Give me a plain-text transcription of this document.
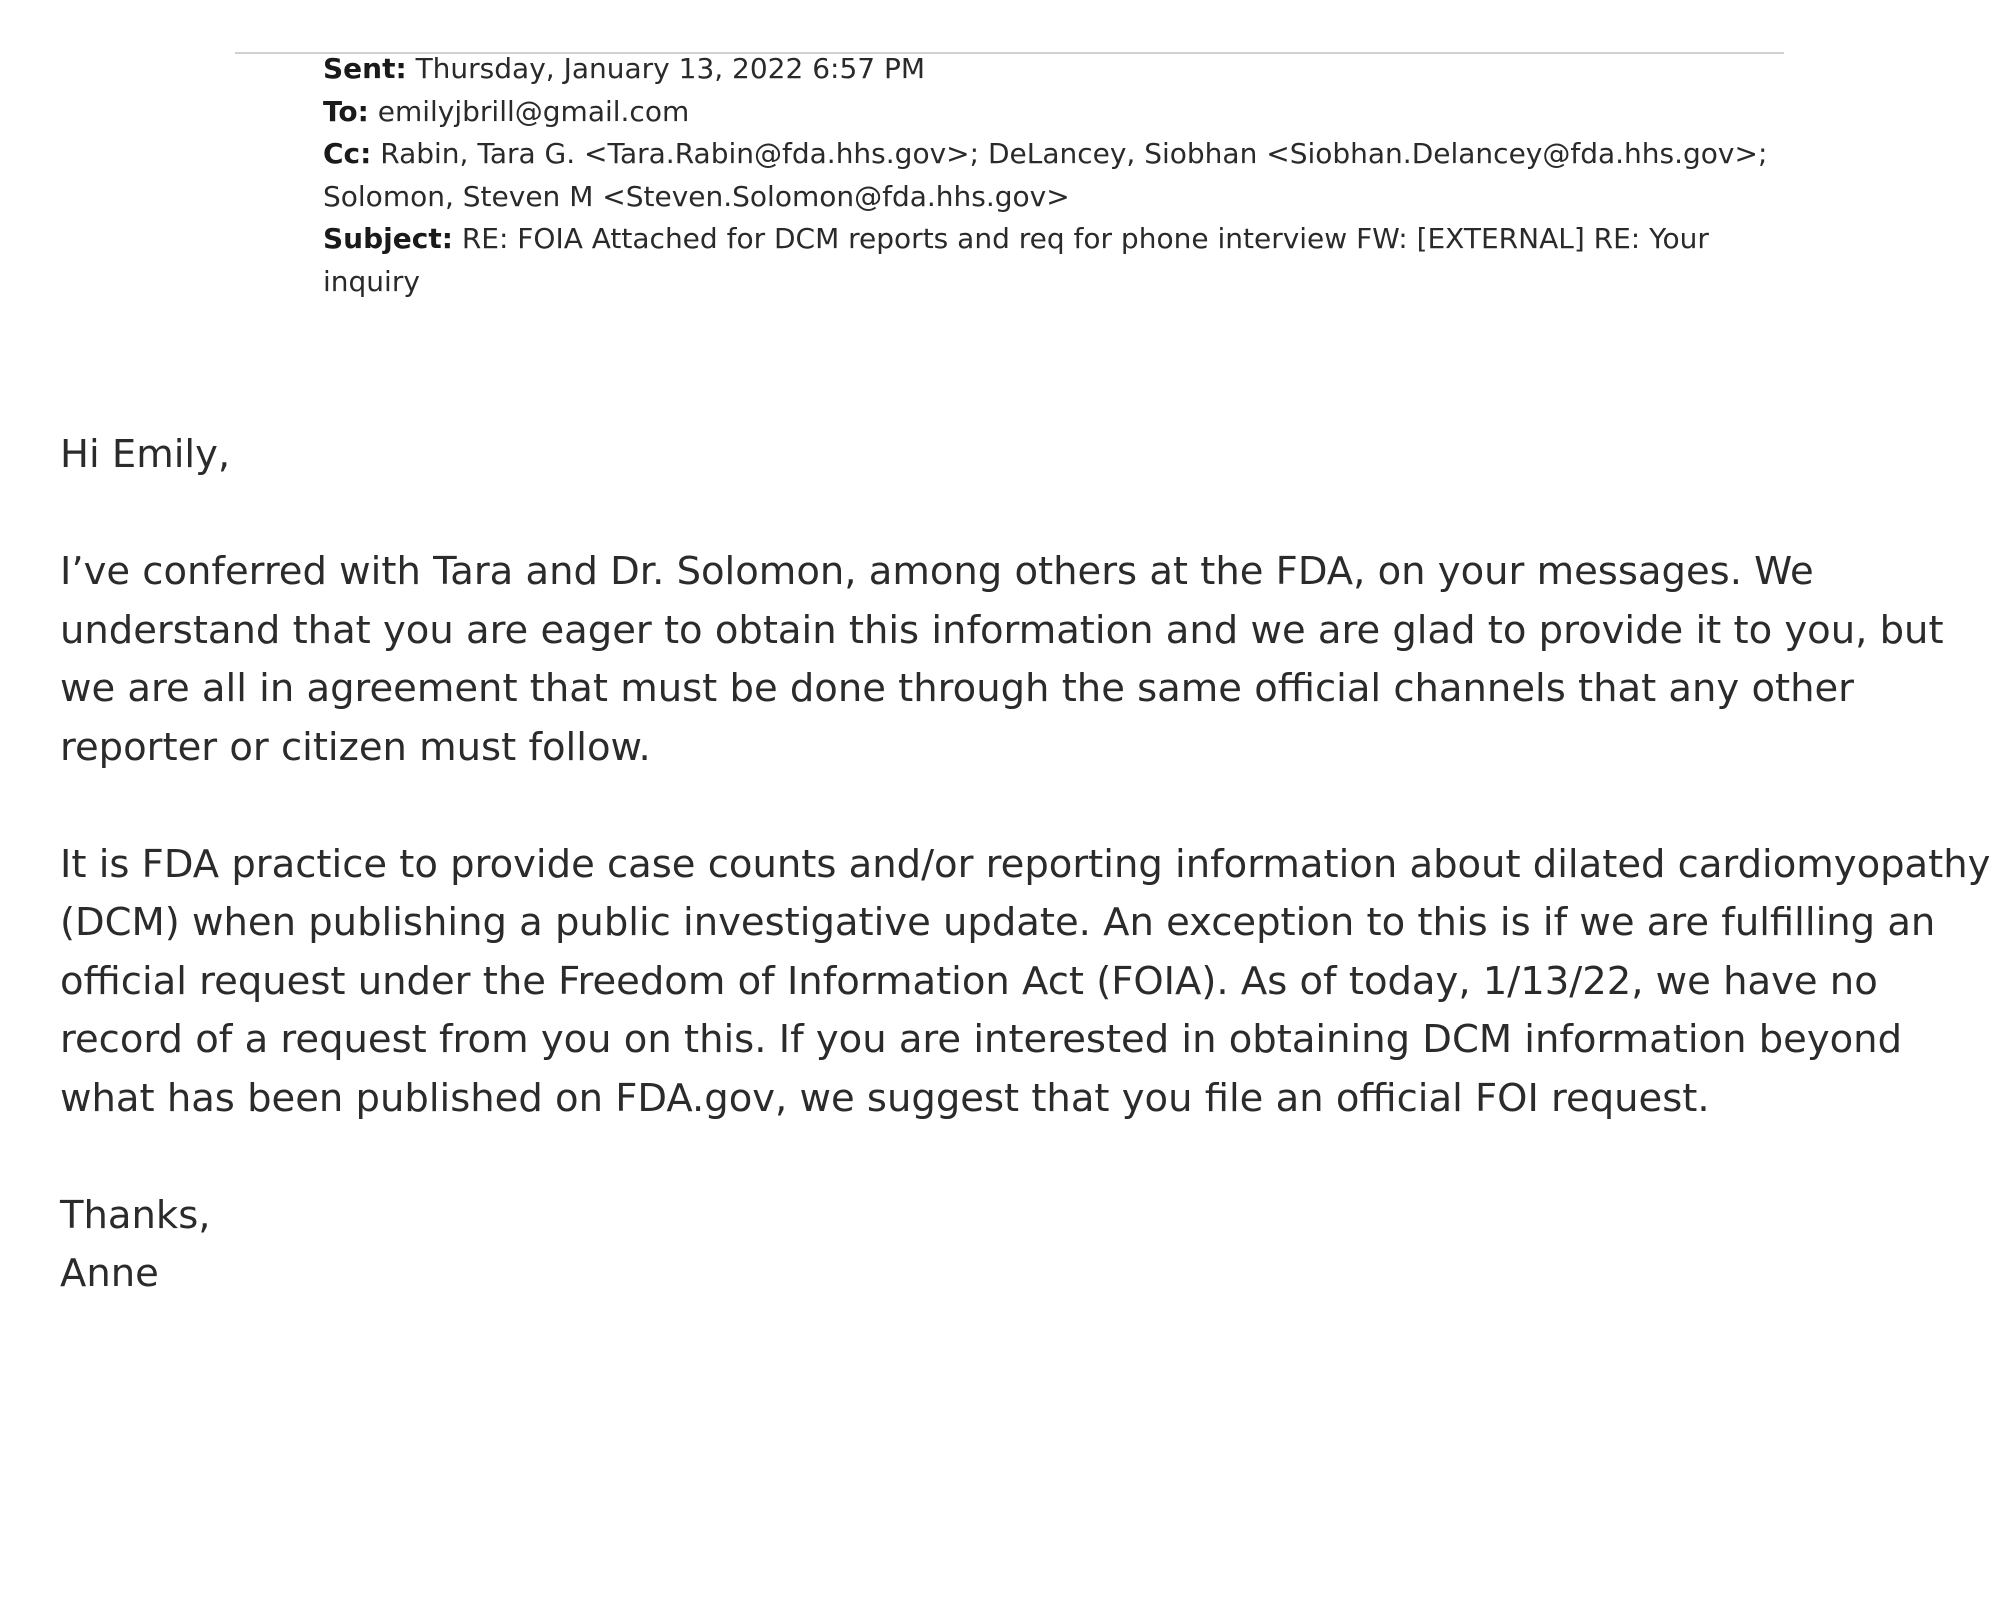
Sent: Thursday, January 13, 2022 6:57 PM
To: emilyjbrill@gmail.com
Cc: Rabin, Tara G. <Tara.Rabin@fda.hhs.gov>; DeLancey, Siobhan <Siobhan.Delancey@fda.hhs.gov>;
Solomon, Steven M <Steven.Solomon@fda.hhs.gov>
Subject: RE: FOIA Attached for DCM reports and req for phone interview FW: [EXTERNAL] RE: Your
inquiry

Hi Emily,

I’ve conferred with Tara and Dr. Solomon, among others at the FDA, on your messages. We
understand that you are eager to obtain this information and we are glad to provide it to you, but
we are all in agreement that must be done through the same official channels that any other
reporter or citizen must follow.

It is FDA practice to provide case counts and/or reporting information about dilated cardiomyopathy
(DCM) when publishing a public investigative update. An exception to this is if we are fulfilling an
official request under the Freedom of Information Act (FOIA). As of today, 1/13/22, we have no
record of a request from you on this. If you are interested in obtaining DCM information beyond
what has been published on FDA.gov, we suggest that you file an official FOI request.

Thanks,
Anne
